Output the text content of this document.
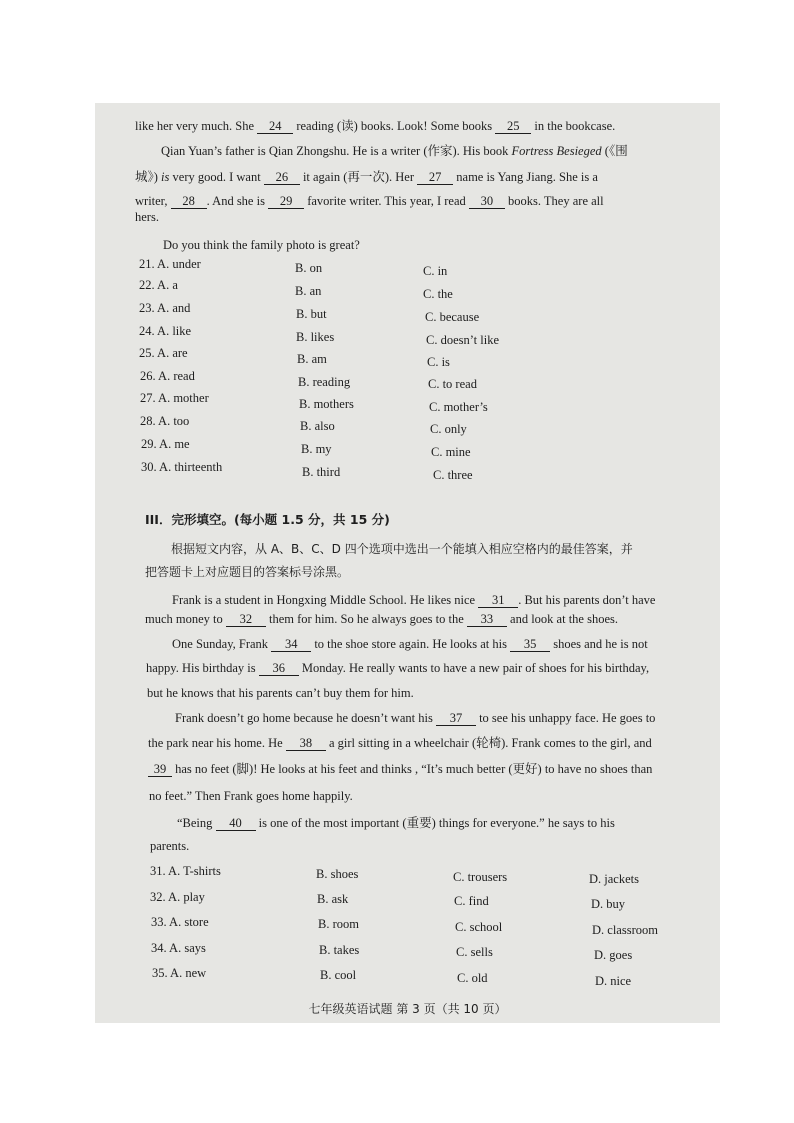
like her very much. She 24 reading (读) books. Look! Some books 25 in the bookcase.
Qian Yuan’s father is Qian Zhongshu. He is a writer (作家). His book Fortress Besieged (《围
城》) is very good. I want 26 it again (再一次). Her 27 name is Yang Jiang. She is a
writer, 28 . And she is 29 favorite writer. This year, I read 30 books. They are all
hers.
Do you think the family photo is great?
21. A. under	B. on	C. in
22. A. a	B. an	C. the
23. A. and	B. but	C. because
24. A. like	B. likes	C. doesn’t like
25. A. are	B. am	C. is
26. A. read	B. reading	C. to read
27. A. mother	B. mothers	C. mother’s
28. A. too	B. also	C. only
29. A. me	B. my	C. mine
30. A. thirteenth	B. third	C. three
III．完形填空。(每小题 1.5 分，共 15 分)
根据短文内容，从 A、B、C、D 四个选项中选出一个能填入相应空格内的最佳答案，并
把答题卡上对应题目的答案标号涂黑。
Frank is a student in Hongxing Middle School. He likes nice 31 . But his parents don’t have
much money to 32 them for him. So he always goes to the 33 and look at the shoes.
One Sunday, Frank 34 to the shoe store again. He looks at his 35 shoes and he is not
happy. His birthday is 36 Monday. He really wants to have a new pair of shoes for his birthday,
but he knows that his parents can’t buy them for him.
Frank doesn’t go home because he doesn’t want his 37 to see his unhappy face. He goes to
the park near his home. He 38 a girl sitting in a wheelchair (轮椅). Frank comes to the girl, and
39 has no feet (脚)! He looks at his feet and thinks , “It’s much better (更好) to have no shoes than
no feet.” Then Frank goes home happily.
“Being 40 is one of the most important (重要) things for everyone.” he says to his
parents.
31. A. T-shirts	B. shoes	C. trousers	D. jackets
32. A. play	B. ask	C. find	D. buy
33. A. store	B. room	C. school	D. classroom
34. A. says	B. takes	C. sells	D. goes
35. A. new	B. cool	C. old	D. nice
七年级英语试题 第 3 页（共 10 页）
